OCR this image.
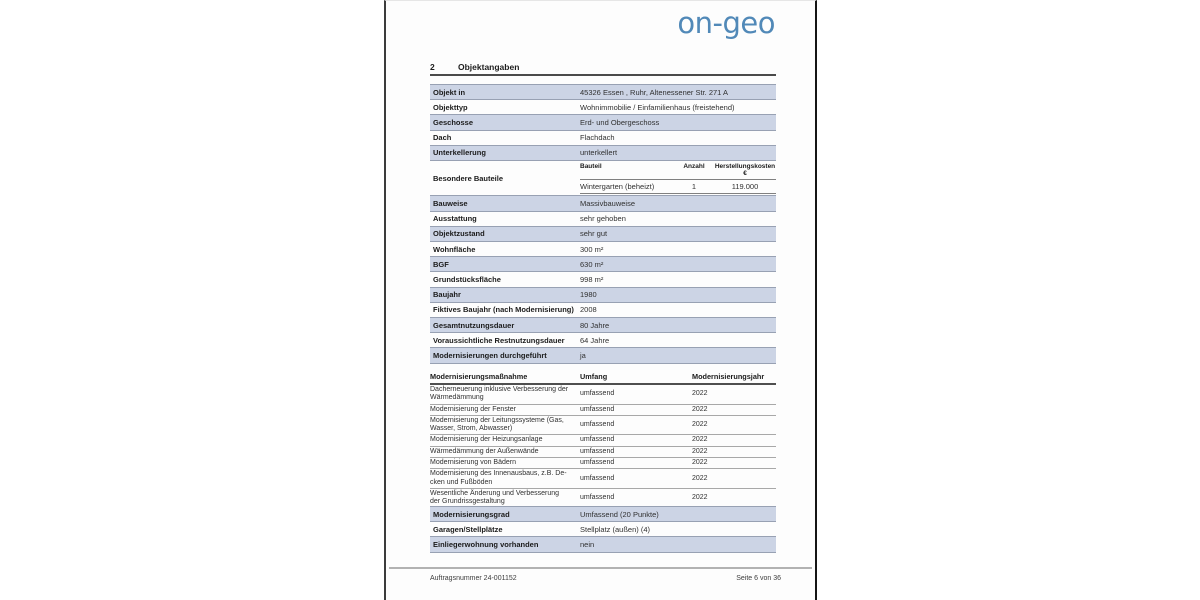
on-geo
2	Objektangaben
Objekt in	45326 Essen , Ruhr, Altenessener Str. 271 A
Objekttyp	Wohnimmobilie / Einfamilienhaus (freistehend)
Geschosse	Erd- und Obergeschoss
Dach	Flachdach
Unterkellerung	unterkellert
Besondere Bauteile
Bauteil	Anzahl	Herstellungskosten
€
Wintergarten (beheizt)	1	119.000
Bauweise	Massivbauweise
Ausstattung	sehr gehoben
Objektzustand	sehr gut
Wohnfläche	300 m²
BGF	630 m²
Grundstücksfläche	998 m²
Baujahr	1980
Fiktives Baujahr (nach Modernisierung) 2008
Gesamtnutzungsdauer	80 Jahre
Voraussichtliche Restnutzungsdauer	64 Jahre
Modernisierungen durchgeführt	ja
Modernisierungsmaßnahme	Umfang	Modernisierungsjahr
Dacherneuerung inklusive Verbesserung der Wärmedämmung
umfassend	2022
Modernisierung der Fenster	umfassend	2022
Modernisierung der Leitungssysteme (Gas, Wasser, Strom, Abwasser)
umfassend	2022
Modernisierung der Heizungsanlage	umfassend	2022
Wärmedämmung der Außenwände	umfassend	2022
Modernisierung von Bädern	umfassend	2022
Modernisierung des Innenausbaus, z.B. Decken und Fußböden
umfassend	2022
Wesentliche Änderung und Verbesserung der Grundrissgestaltung
umfassend	2022
Modernisierungsgrad	Umfassend (20 Punkte)
Garagen/Stellplätze	Stellplatz (außen) (4)
Einliegerwohnung vorhanden	nein
Auftragsnummer 24-001152	Seite 6 von 36
